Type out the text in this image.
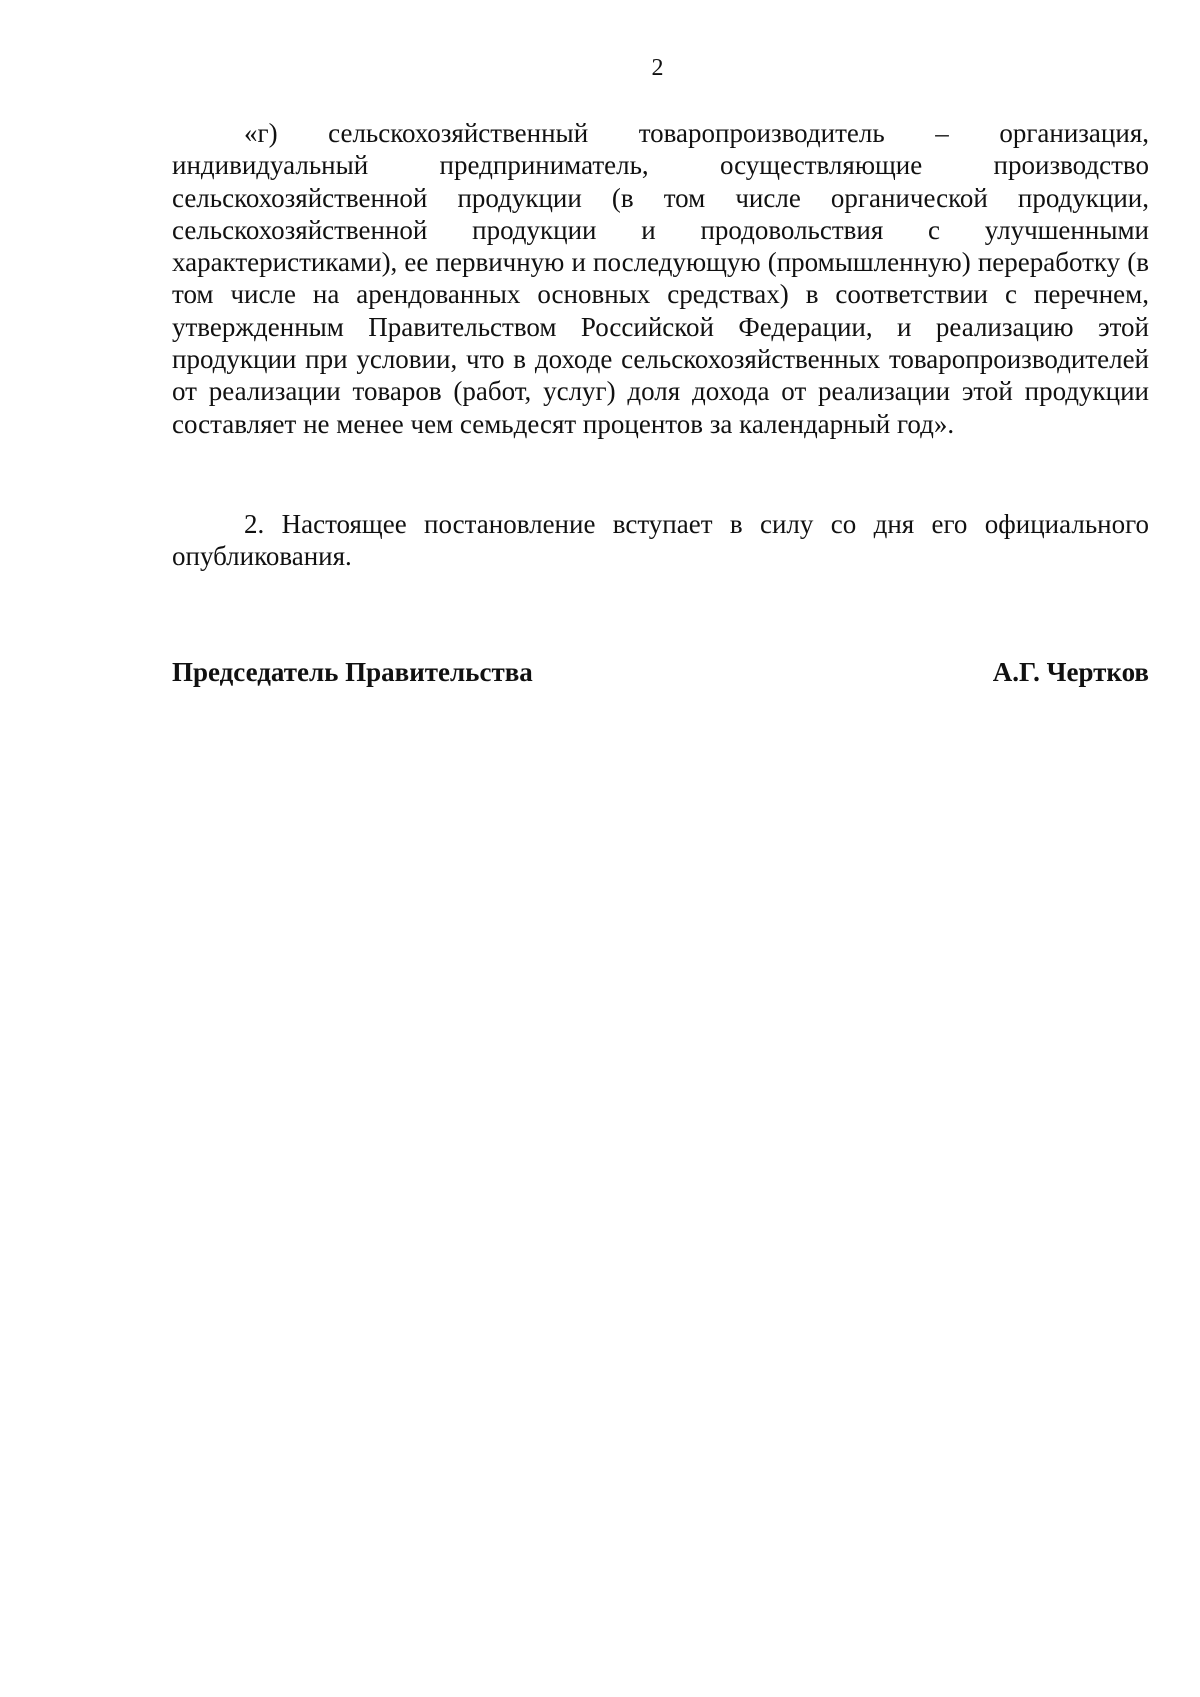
2

«г) сельскохозяйственный товаропроизводитель – организация, индивидуальный предприниматель, осуществляющие производство сельскохозяйственной продукции (в том числе органической продукции, сельскохозяйственной продукции и продовольствия с улучшенными характеристиками), ее первичную и последующую (промышленную) переработку (в том числе на арендованных основных средствах) в соответствии с перечнем, утвержденным Правительством Российской Федерации, и реализацию этой продукции при условии, что в доходе сельскохозяйственных товаропроизводителей от реализации товаров (работ, услуг) доля дохода от реализации этой продукции составляет не менее чем семьдесят процентов за календарный год».

2. Настоящее постановление вступает в силу со дня его официального опубликования.

Председатель Правительства	А.Г. Чертков
